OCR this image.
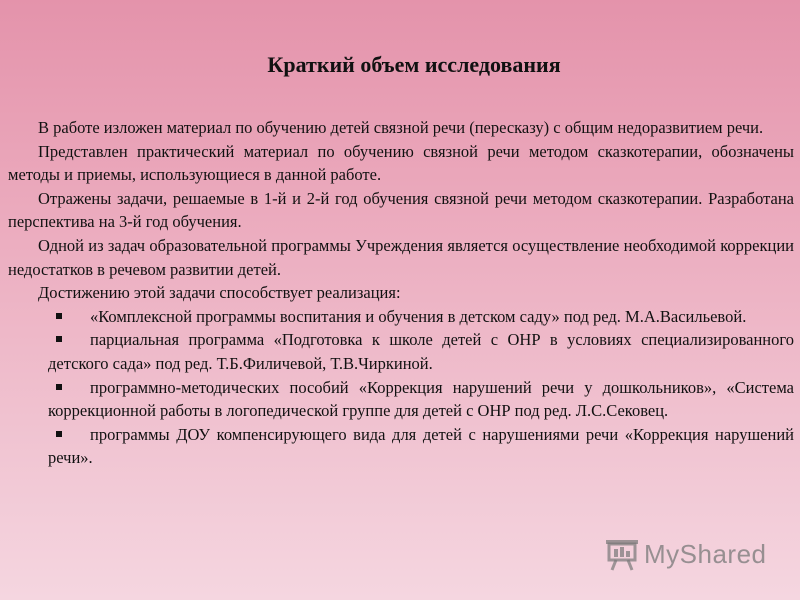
Краткий объем исследования

В работе изложен материал по обучению детей связной речи (пересказу) с общим недоразвитием речи.

Представлен практический материал по обучению связной речи методом сказкотерапии, обозначены методы и приемы, использующиеся в данной работе.

Отражены задачи, решаемые в 1-й и 2-й год обучения связной речи методом сказкотерапии. Разработана перспектива на 3-й год обучения.

Одной из задач образовательной программы Учреждения является осуществление необходимой коррекции недостатков в речевом развитии детей.

Достижению этой задачи способствует реализация:

«Комплексной программы воспитания и обучения в детском саду» под ред. М.А.Васильевой.
парциальная программа «Подготовка к школе детей с ОНР в условиях специализированного детского сада» под ред. Т.Б.Филичевой, Т.В.Чиркиной.
программно-методических пособий «Коррекция нарушений речи у дошкольников», «Система коррекционной работы в логопедической группе для детей с ОНР под ред. Л.С.Сековец.
программы ДОУ компенсирующего вида для детей с нарушениями речи «Коррекция нарушений речи».
MyShared
